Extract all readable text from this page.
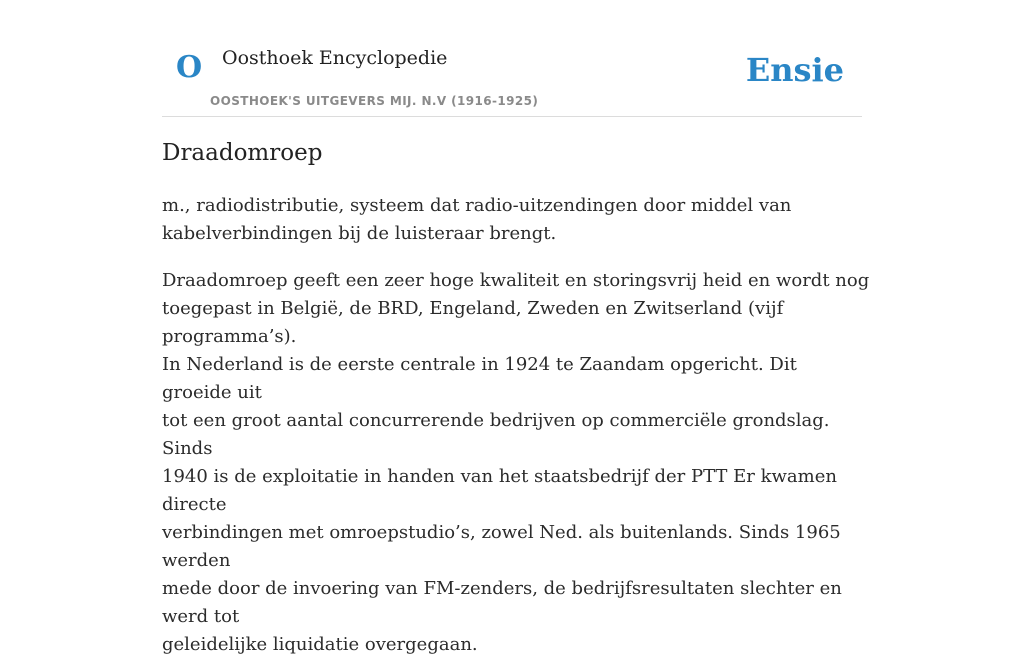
O Oosthoek Encyclopedie
OOSTHOEK'S UITGEVERS MIJ. N.V (1916-1925)
Ensie
Draadomroep

m., radiodistributie, systeem dat radio-uitzendingen door middel van
kabelverbindingen bij de luisteraar brengt.

Draadomroep geeft een zeer hoge kwaliteit en storingsvrij heid en wordt nog
toegepast in België, de BRD, Engeland, Zweden en Zwitserland (vijf programma’s).

In Nederland is de eerste centrale in 1924 te Zaandam opgericht. Dit groeide uit
tot een groot aantal concurrerende bedrijven op commerciële grondslag. Sinds
1940 is de exploitatie in handen van het staatsbedrijf der PTT Er kwamen directe
verbindingen met omroepstudio’s, zowel Ned. als buitenlands. Sinds 1965 werden
mede door de invoering van FM-zenders, de bedrijfsresultaten slechter en werd tot
geleidelijke liquidatie overgegaan.
